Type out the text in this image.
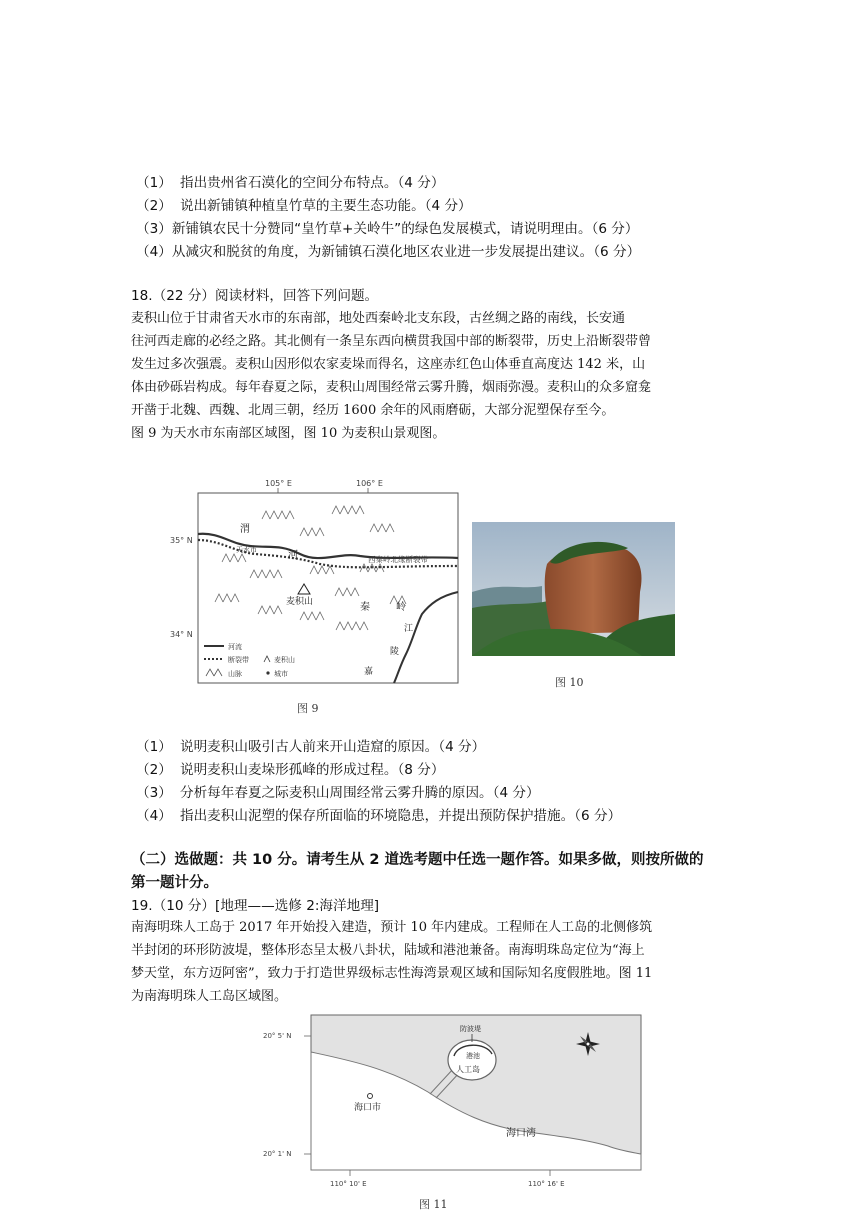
（1） 指出贵州省石漠化的空间分布特点。（4 分）
（2） 说出新铺镇种植皇竹草的主要生态功能。（4 分）
（3）新铺镇农民十分赞同“皇竹草+关岭牛”的绿色发展模式，请说明理由。（6 分）
（4）从减灾和脱贫的角度，为新铺镇石漠化地区农业进一步发展提出建议。（6 分）
18.（22 分）阅读材料，回答下列问题。
麦积山位于甘肃省天水市的东南部，地处西秦岭北支东段，古丝绸之路的南线，长安通
往河西走廊的必经之路。其北侧有一条呈东西向横贯我国中部的断裂带，历史上沿断裂带曾
发生过多次强震。麦积山因形似农家麦垛而得名，这座赤红色山体垂直高度达 142 米，山
体由砂砾岩构成。每年春夏之际，麦积山周围经常云雾升腾，烟雨弥漫。麦积山的众多窟龛
开凿于北魏、西魏、北周三朝，经历 1600 余年的风雨磨砺，大部分泥塑保存至今。
图 9 为天水市东南部区域图，图 10 为麦积山景观图。
105° E	106° E
35° N
34° N
渭
河
天水市
西秦岭北缘断裂带
麦积山	秦	岭
江
陵
嘉
河流
断裂带	麦积山
山脉	城市
图 9
图 10
（1） 说明麦积山吸引古人前来开山造窟的原因。（4 分）
（2） 说明麦积山麦垛形孤峰的形成过程。（8 分）
（3） 分析每年春夏之际麦积山周围经常云雾升腾的原因。（4 分）
（4） 指出麦积山泥塑的保存所面临的环境隐患，并提出预防保护措施。（6 分）
（二）选做题：共 10 分。请考生从 2 道选考题中任选一题作答。如果多做，则按所做的
第一题计分。
19.（10 分）[地理——选修 2:海洋地理]
南海明珠人工岛于 2017 年开始投入建造，预计 10 年内建成。工程师在人工岛的北侧修筑
半封闭的环形防波堤，整体形态呈太极八卦状，陆域和港池兼备。南海明珠岛定位为“海上
梦天堂，东方迈阿密”，致力于打造世界级标志性海湾景观区域和国际知名度假胜地。图 11
为南海明珠人工岛区域图。
防波堤
港池
人工岛
海口市
海口湾
20° 5' N
20° 1' N
110° 10' E	110° 16' E
图 11
